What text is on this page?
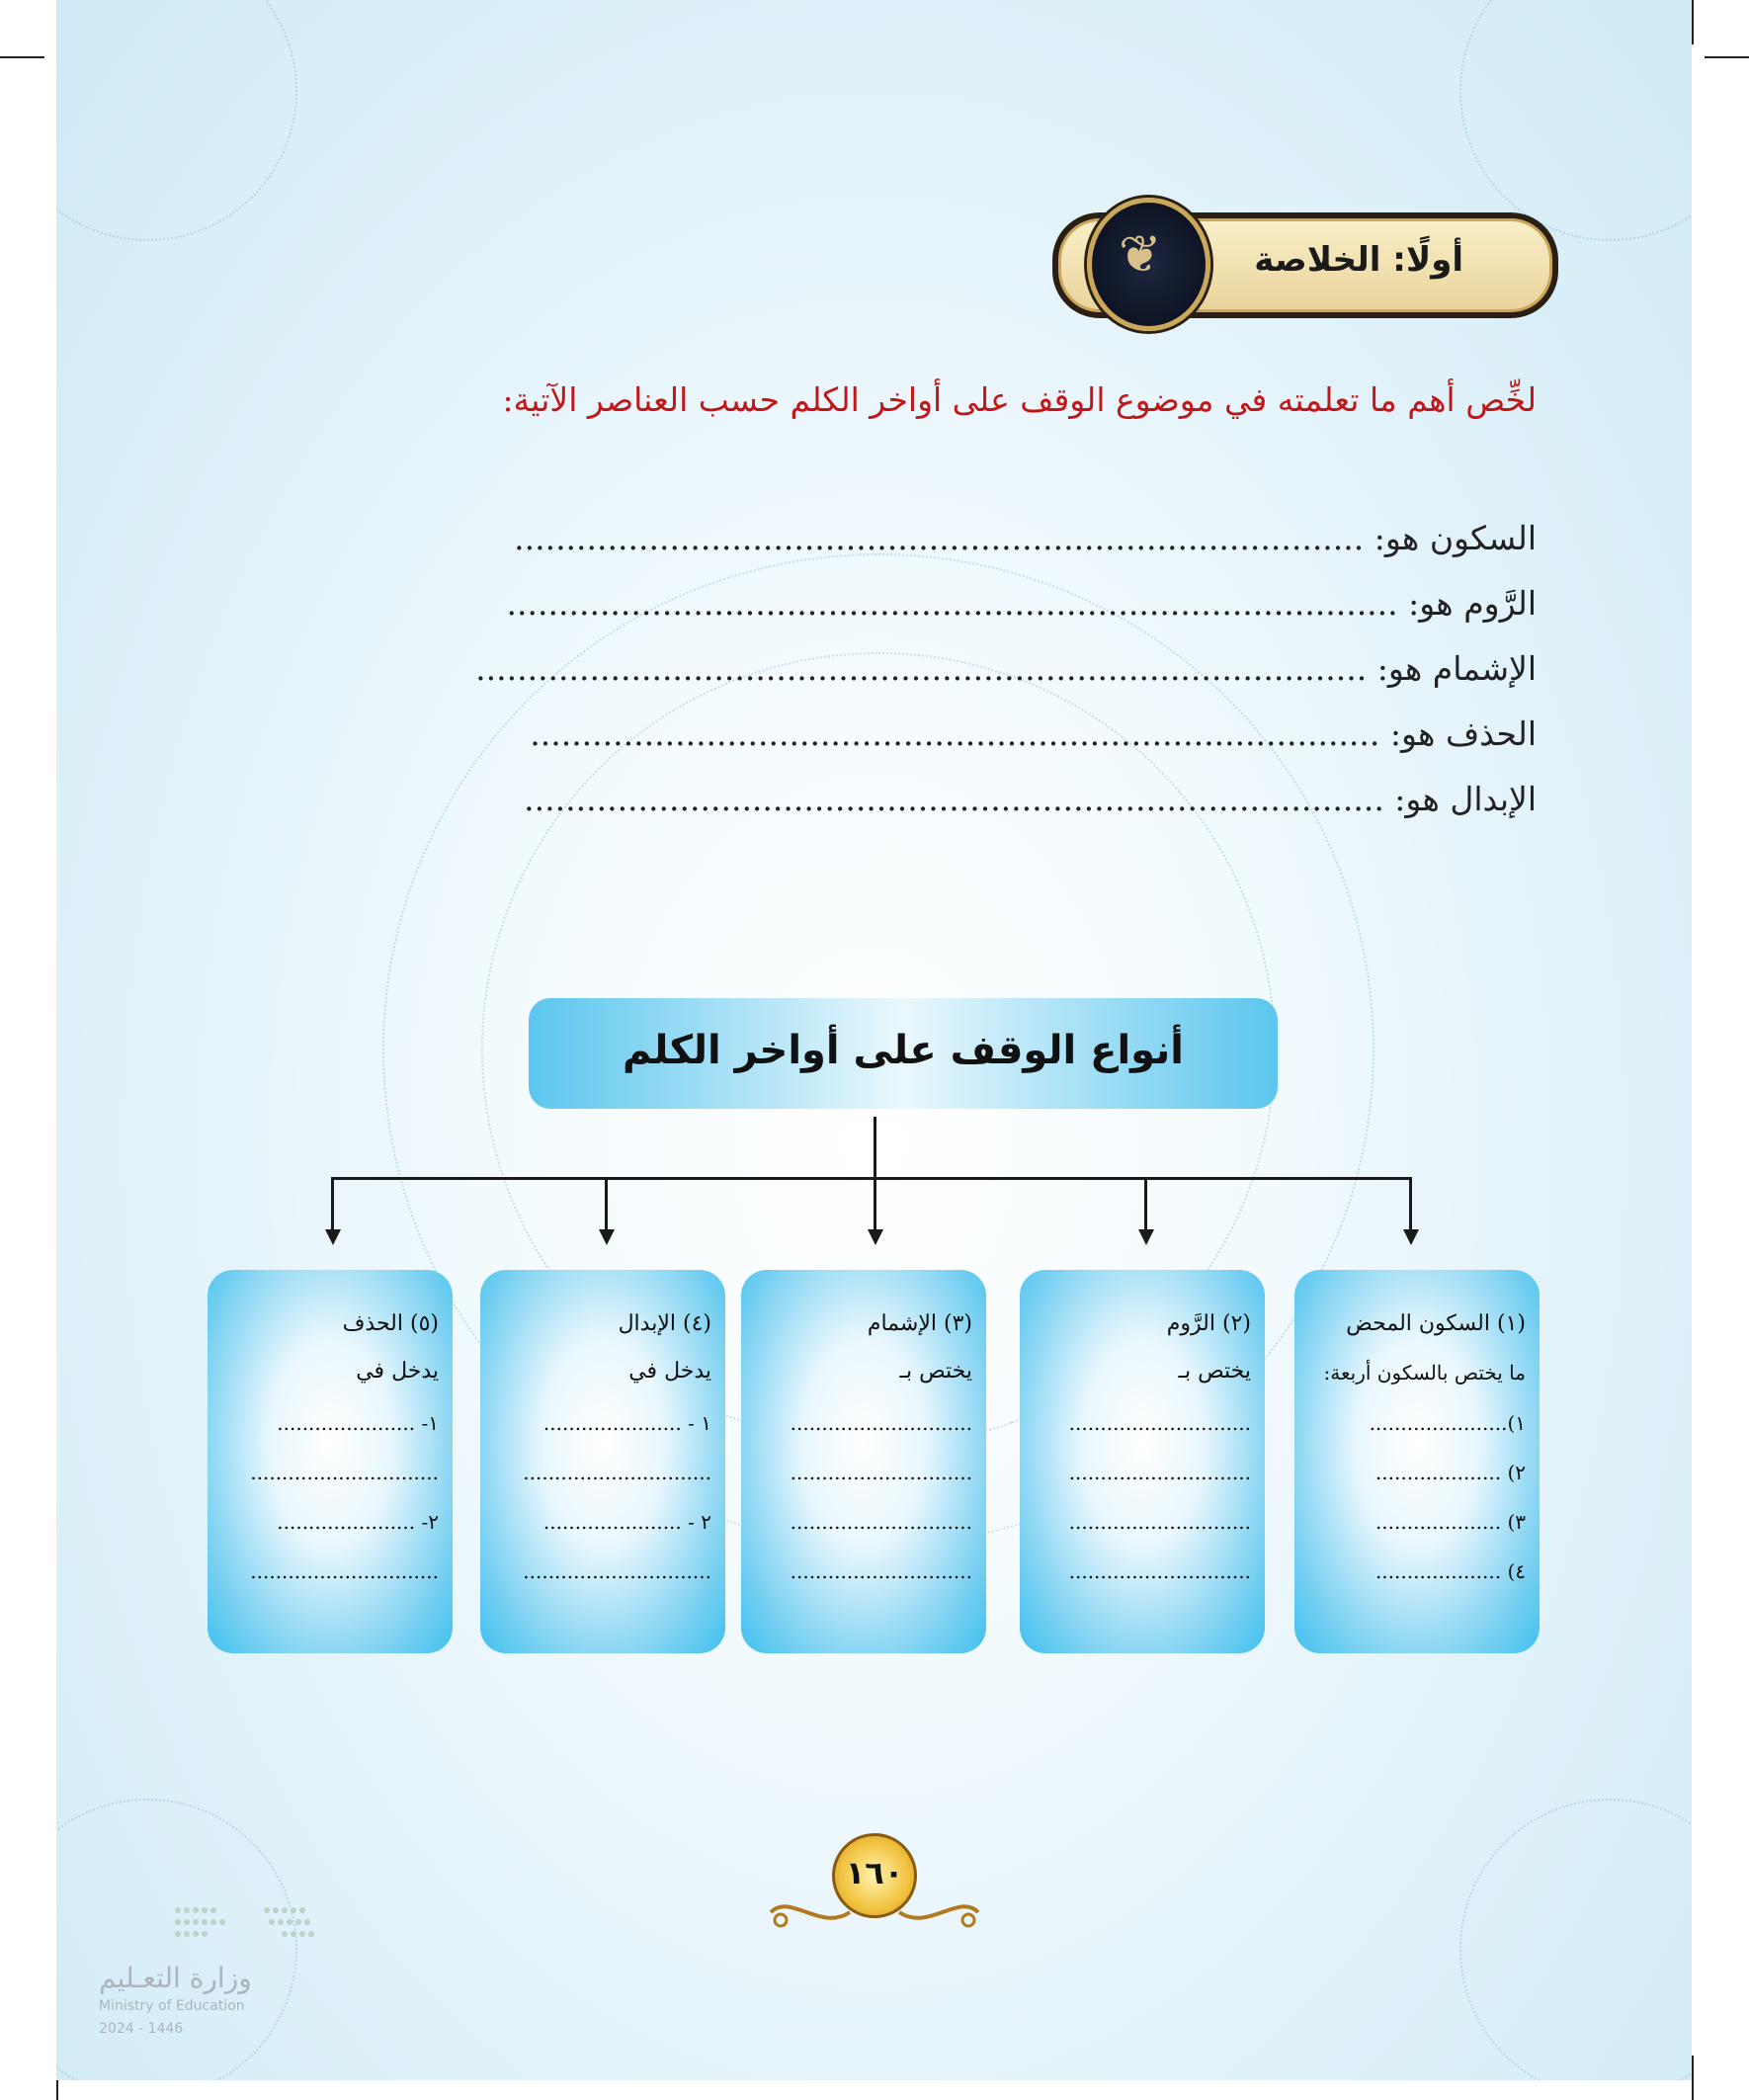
أولًا: الخلاصة
❦
لخِّص أهم ما تعلمته في موضوع الوقف على أواخر الكلم حسب العناصر الآتية:
السكون هو: ..................................................................................
الرَّوم هو: ......................................................................................
الإشمام هو: ......................................................................................
الحذف هو: ..................................................................................
الإبدال هو: ...................................................................................
أنواع الوقف على أواخر الكلم
(١) السكون المحض
ما يختص بالسكون أربعة:
١)......................
٢) ....................
٣) ....................
٤) ....................
(٢) الرَّوم
يختص بـ
.............................
.............................
.............................
.............................
(٣) الإشمام
يختص بـ
.............................
.............................
.............................
.............................
(٤) الإبدال
يدخل في
١ - ......................
..............................
٢ - ......................
..............................
(٥) الحذف
يدخل في
١- ......................
..............................
٢- ......................
..............................
١٦٠
وزارة التعـليم
Ministry of Education
2024 - 1446
